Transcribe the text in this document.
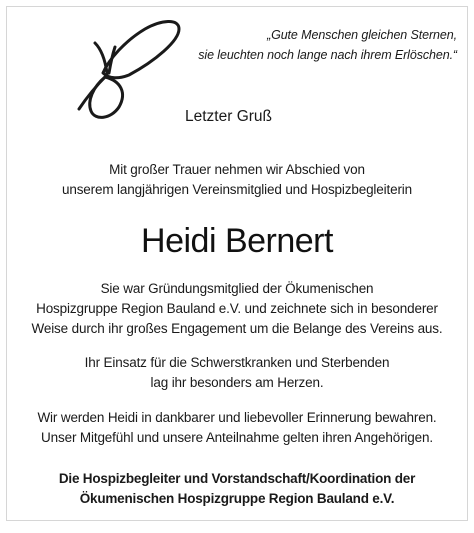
„Gute Menschen gleichen Sternen,
sie leuchten noch lange nach ihrem Erlöschen.“
Letzter Gruß
Mit großer Trauer nehmen wir Abschied von
unserem langjährigen Vereinsmitglied und Hospizbegleiterin
Heidi Bernert
Sie war Gründungsmitglied der Ökumenischen
Hospizgruppe Region Bauland e.V. und zeichnete sich in besonderer
Weise durch ihr großes Engagement um die Belange des Vereins aus.
Ihr Einsatz für die Schwerstkranken und Sterbenden
lag ihr besonders am Herzen.
Wir werden Heidi in dankbarer und liebevoller Erinnerung bewahren.
Unser Mitgefühl und unsere Anteilnahme gelten ihren Angehörigen.
Die Hospizbegleiter und Vorstandschaft/Koordination der
Ökumenischen Hospizgruppe Region Bauland e.V.
